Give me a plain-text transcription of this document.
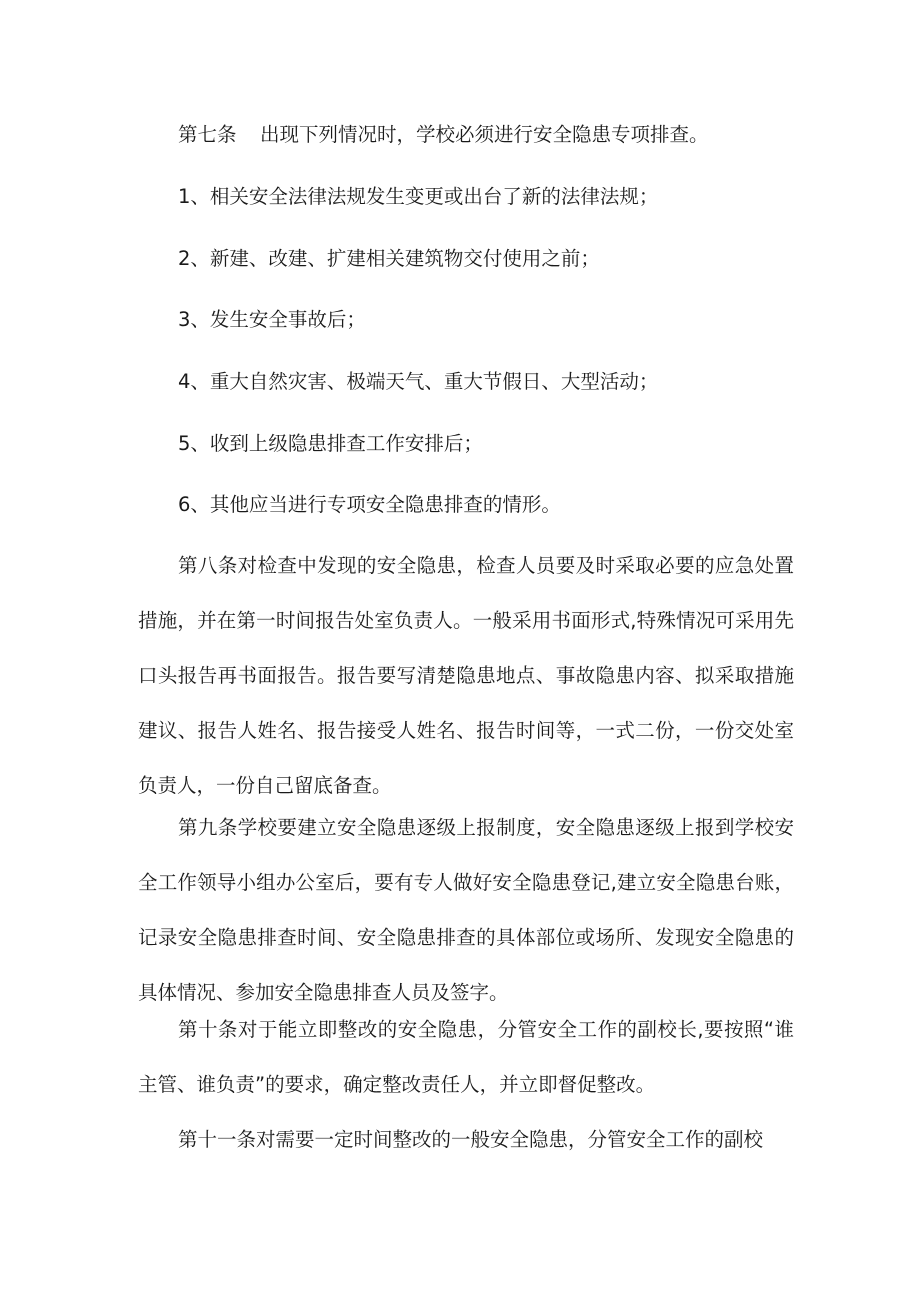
第七条 出现下列情况时，学校必须进行安全隐患专项排查。

1、相关安全法律法规发生变更或出台了新的法律法规；

2、新建、改建、扩建相关建筑物交付使用之前；

3、发生安全事故后；

4、重大自然灾害、极端天气、重大节假日、大型活动；

5、收到上级隐患排查工作安排后；

6、其他应当进行专项安全隐患排查的情形。

第八条对检查中发现的安全隐患，检查人员要及时采取必要的应急处置措施，并在第一时间报告处室负责人。一般采用书面形式,特殊情况可采用先口头报告再书面报告。报告要写清楚隐患地点、事故隐患内容、拟采取措施建议、报告人姓名、报告接受人姓名、报告时间等，一式二份，一份交处室负责人，一份自己留底备查。

第九条学校要建立安全隐患逐级上报制度，安全隐患逐级上报到学校安全工作领导小组办公室后，要有专人做好安全隐患登记,建立安全隐患台账，记录安全隐患排查时间、安全隐患排查的具体部位或场所、发现安全隐患的具体情况、参加安全隐患排查人员及签字。

第十条对于能立即整改的安全隐患，分管安全工作的副校长,要按照“谁主管、谁负责”的要求，确定整改责任人，并立即督促整改。

第十一条对需要一定时间整改的一般安全隐患，分管安全工作的副校
